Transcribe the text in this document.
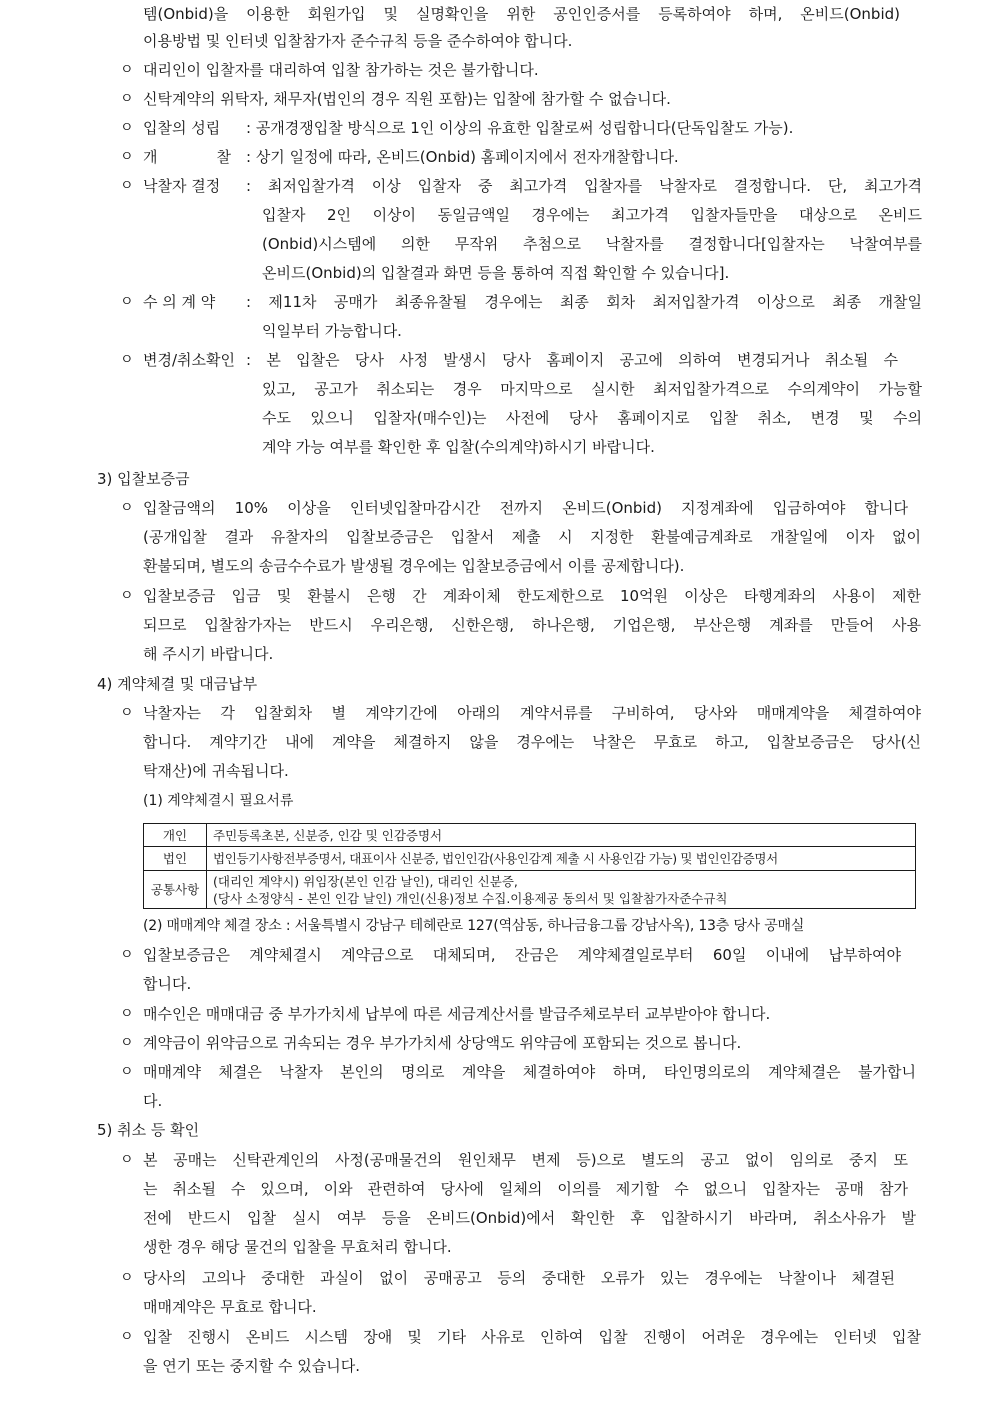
템(Onbid)을 이용한 회원가입 및 실명확인을 위한 공인인증서를 등록하여야 하며, 온비드(Onbid)
이용방법 및 인터넷 입찰참가자 준수규칙 등을 준수하여야 합니다.
ㅇ 대리인이 입찰자를 대리하여 입찰 참가하는 것은 불가합니다.
ㅇ 신탁계약의 위탁자, 채무자(법인의 경우 직원 포함)는 입찰에 참가할 수 없습니다.
ㅇ 입찰의 성립 : 공개경쟁입찰 방식으로 1인 이상의 유효한 입찰로써 성립합니다(단독입찰도 가능).
ㅇ 개	찰 : 상기 일정에 따라, 온비드(Onbid) 홈페이지에서 전자개찰합니다.
ㅇ 낙찰자 결정 : 최저입찰가격 이상 입찰자 중 최고가격 입찰자를 낙찰자로 결정합니다. 단, 최고가격
입찰자 2인 이상이 동일금액일 경우에는 최고가격 입찰자들만을 대상으로 온비드
(Onbid)시스템에 의한 무작위 추첨으로 낙찰자를 결정합니다[입찰자는 낙찰여부를
온비드(Onbid)의 입찰결과 화면 등을 통하여 직접 확인할 수 있습니다].
ㅇ 수 의 계 약 : 제11차 공매가 최종유찰될 경우에는 최종 회차 최저입찰가격 이상으로 최종 개찰일
익일부터 가능합니다.
ㅇ 변경/취소확인 : 본 입찰은 당사 사정 발생시 당사 홈페이지 공고에 의하여 변경되거나 취소될 수
있고, 공고가 취소되는 경우 마지막으로 실시한 최저입찰가격으로 수의계약이 가능할
수도 있으니 입찰자(매수인)는 사전에 당사 홈페이지로 입찰 취소, 변경 및 수의
계약 가능 여부를 확인한 후 입찰(수의계약)하시기 바랍니다.
3) 입찰보증금
ㅇ 입찰금액의 10% 이상을 인터넷입찰마감시간 전까지 온비드(Onbid) 지정계좌에 입금하여야 합니다
(공개입찰 결과 유찰자의 입찰보증금은 입찰서 제출 시 지정한 환불예금계좌로 개찰일에 이자 없이
환불되며, 별도의 송금수수료가 발생될 경우에는 입찰보증금에서 이를 공제합니다).
ㅇ 입찰보증금 입금 및 환불시 은행 간 계좌이체 한도제한으로 10억원 이상은 타행계좌의 사용이 제한
되므로 입찰참가자는 반드시 우리은행, 신한은행, 하나은행, 기업은행, 부산은행 계좌를 만들어 사용
해 주시기 바랍니다.
4) 계약체결 및 대금납부
ㅇ 낙찰자는 각 입찰회차 별 계약기간에 아래의 계약서류를 구비하여, 당사와 매매계약을 체결하여야
합니다. 계약기간 내에 계약을 체결하지 않을 경우에는 낙찰은 무효로 하고, 입찰보증금은 당사(신
탁재산)에 귀속됩니다.
(1) 계약체결시 필요서류
개인	주민등록초본, 신분증, 인감 및 인감증명서
법인	법인등기사항전부증명서, 대표이사 신분증, 법인인감(사용인감계 제출 시 사용인감 가능) 및 법인인감증명서
공통사항	(대리인 계약시) 위임장(본인 인감 날인), 대리인 신분증,
(당사 소정양식 - 본인 인감 날인) 개인(신용)정보 수집.이용제공 동의서 및 입찰참가자준수규칙
(2) 매매계약 체결 장소 : 서울특별시 강남구 테헤란로 127(역삼동, 하나금융그룹 강남사옥), 13층 당사 공매실
ㅇ 입찰보증금은 계약체결시 계약금으로 대체되며, 잔금은 계약체결일로부터 60일 이내에 납부하여야
합니다.
ㅇ 매수인은 매매대금 중 부가가치세 납부에 따른 세금계산서를 발급주체로부터 교부받아야 합니다.
ㅇ 계약금이 위약금으로 귀속되는 경우 부가가치세 상당액도 위약금에 포함되는 것으로 봅니다.
ㅇ 매매계약 체결은 낙찰자 본인의 명의로 계약을 체결하여야 하며, 타인명의로의 계약체결은 불가합니
다.
5) 취소 등 확인
ㅇ 본 공매는 신탁관계인의 사정(공매물건의 원인채무 변제 등)으로 별도의 공고 없이 임의로 중지 또
는 취소될 수 있으며, 이와 관련하여 당사에 일체의 이의를 제기할 수 없으니 입찰자는 공매 참가
전에 반드시 입찰 실시 여부 등을 온비드(Onbid)에서 확인한 후 입찰하시기 바라며, 취소사유가 발
생한 경우 해당 물건의 입찰을 무효처리 합니다.
ㅇ 당사의 고의나 중대한 과실이 없이 공매공고 등의 중대한 오류가 있는 경우에는 낙찰이나 체결된
매매계약은 무효로 합니다.
ㅇ 입찰 진행시 온비드 시스템 장애 및 기타 사유로 인하여 입찰 진행이 어려운 경우에는 인터넷 입찰
을 연기 또는 중지할 수 있습니다.
